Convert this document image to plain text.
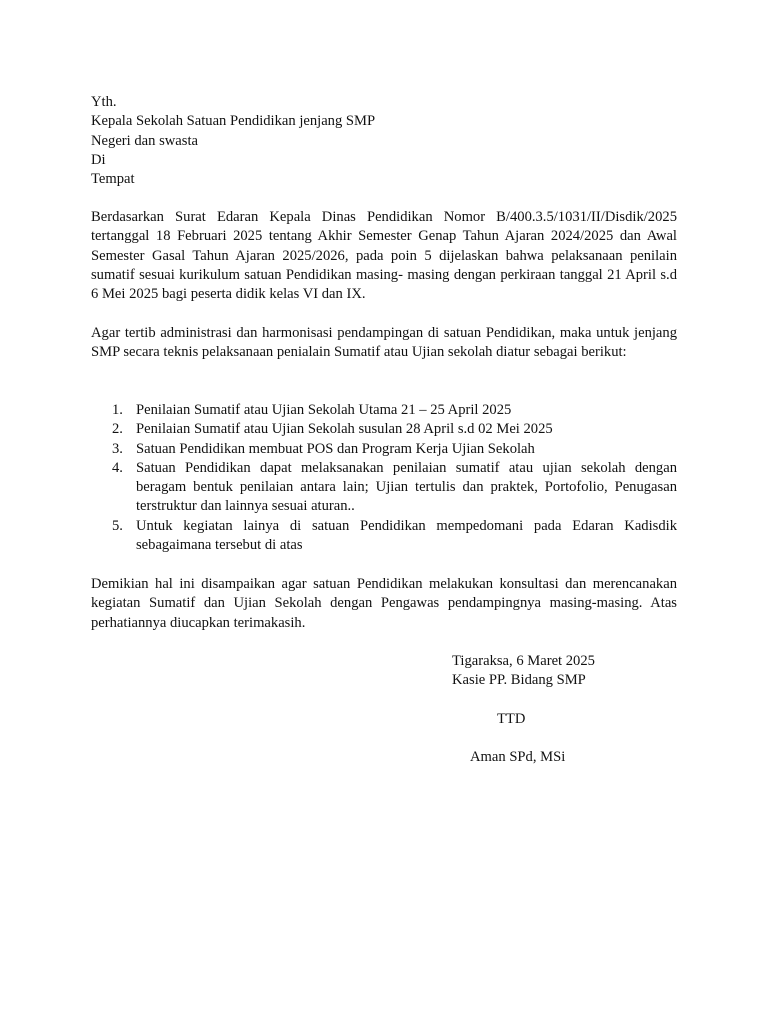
Yth.
Kepala Sekolah Satuan Pendidikan jenjang SMP
Negeri dan swasta
Di
Tempat

Berdasarkan Surat Edaran Kepala Dinas Pendidikan Nomor B/400.3.5/1031/II/Disdik/2025 tertanggal 18 Februari 2025 tentang Akhir Semester Genap Tahun Ajaran 2024/2025 dan Awal Semester Gasal Tahun Ajaran 2025/2026, pada poin 5 dijelaskan bahwa pelaksanaan penilain sumatif sesuai kurikulum satuan Pendidikan masing- masing dengan perkiraan tanggal 21 April s.d 6 Mei 2025 bagi peserta didik kelas VI dan IX.

Agar tertib administrasi dan harmonisasi pendampingan di satuan Pendidikan, maka untuk jenjang SMP secara teknis pelaksanaan penialain Sumatif atau Ujian sekolah diatur sebagai berikut:

1. Penilaian Sumatif atau Ujian Sekolah Utama 21 – 25 April 2025
2. Penilaian Sumatif atau Ujian Sekolah susulan 28 April s.d 02 Mei 2025
3. Satuan Pendidikan membuat POS dan Program Kerja Ujian Sekolah
4. Satuan Pendidikan dapat melaksanakan penilaian sumatif atau ujian sekolah dengan beragam bentuk penilaian antara lain; Ujian tertulis dan praktek, Portofolio, Penugasan terstruktur dan lainnya sesuai aturan..
5. Untuk kegiatan lainya di satuan Pendidikan mempedomani pada Edaran Kadisdik sebagaimana tersebut di atas

Demikian hal ini disampaikan agar satuan Pendidikan melakukan konsultasi dan merencanakan kegiatan Sumatif dan Ujian Sekolah dengan Pengawas pendampingnya masing-masing. Atas perhatiannya diucapkan terimakasih.

Tigaraksa, 6 Maret 2025
Kasie PP. Bidang SMP
TTD
Aman SPd, MSi
